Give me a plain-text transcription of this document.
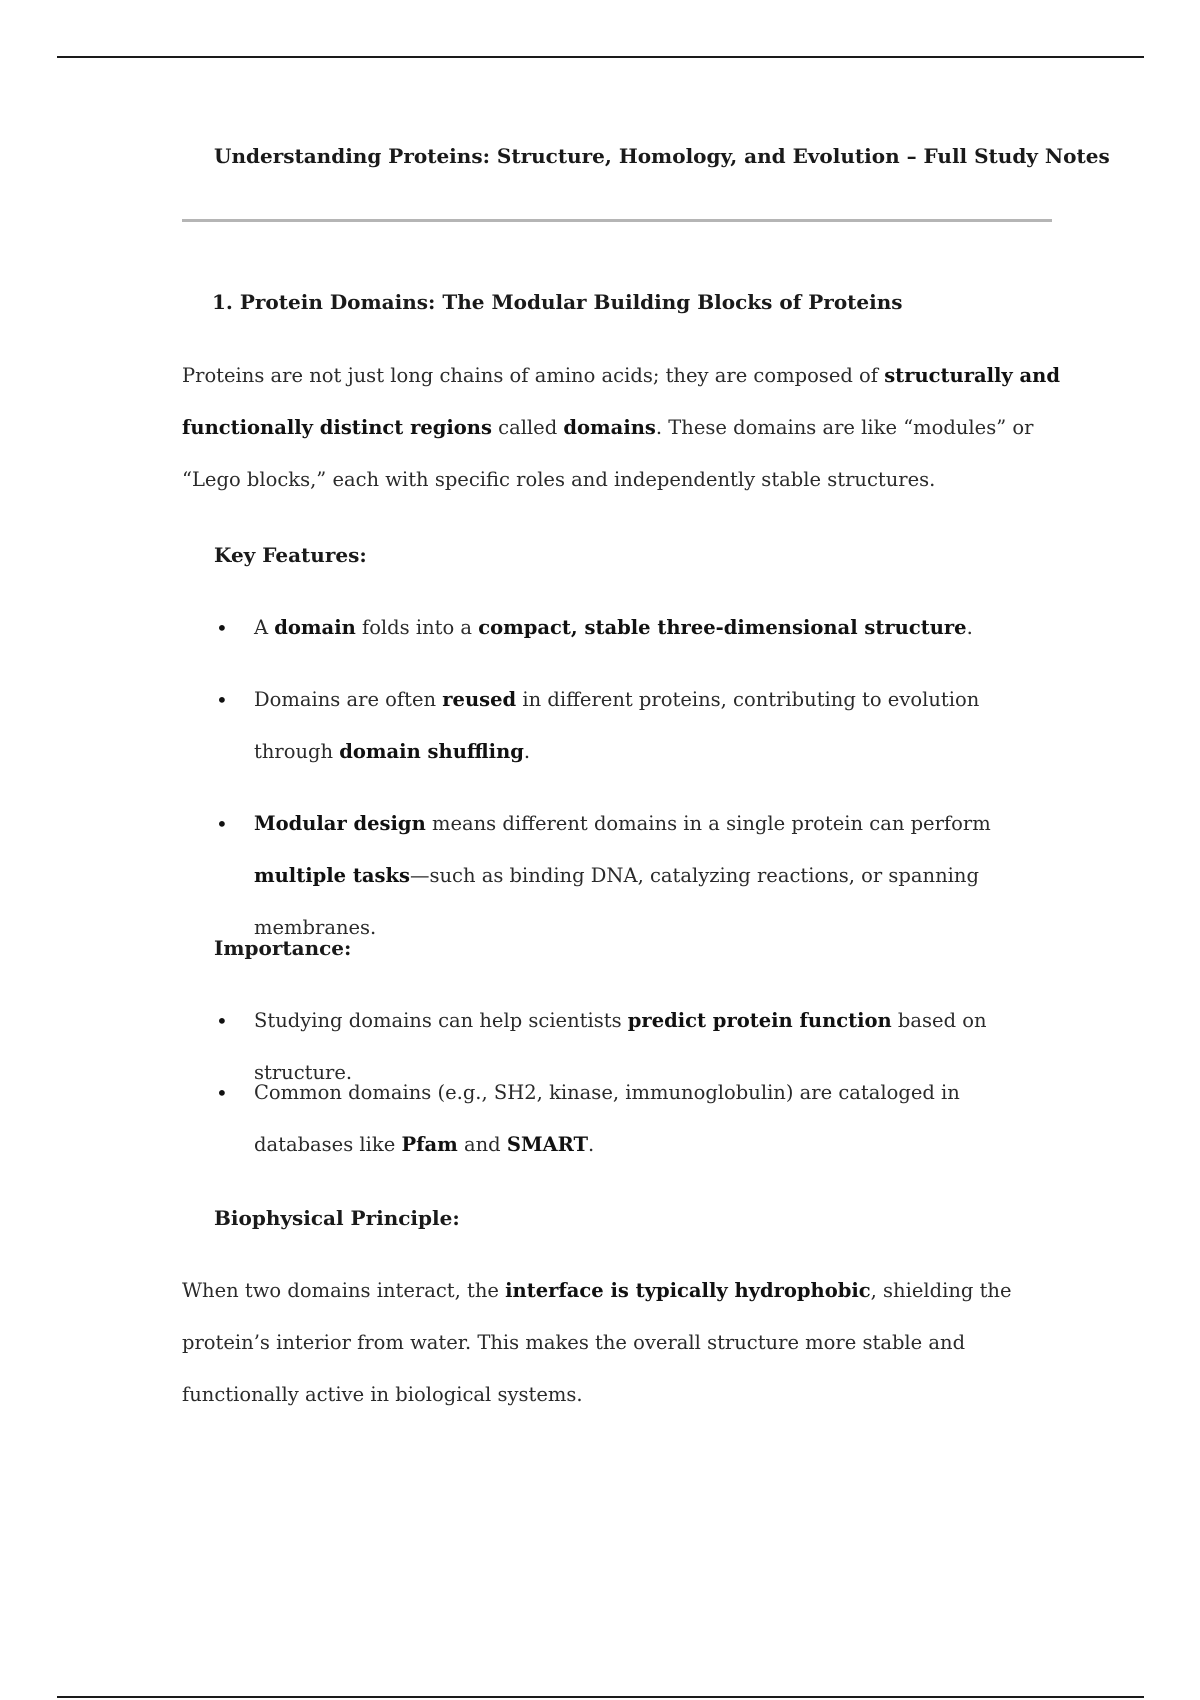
Understanding Proteins: Structure, Homology, and Evolution – Full Study Notes
1. Protein Domains: The Modular Building Blocks of Proteins

Proteins are not just long chains of amino acids; they are composed of structurally and functionally distinct regions called domains. These domains are like “modules” or “Lego blocks,” each with specific roles and independently stable structures.

Key Features:

• A domain folds into a compact, stable three-dimensional structure.

• Domains are often reused in different proteins, contributing to evolution through domain shuffling.

• Modular design means different domains in a single protein can perform multiple tasks—such as binding DNA, catalyzing reactions, or spanning membranes.

Importance:

• Studying domains can help scientists predict protein function based on structure.

• Common domains (e.g., SH2, kinase, immunoglobulin) are cataloged in databases like Pfam and SMART.

Biophysical Principle:

When two domains interact, the interface is typically hydrophobic, shielding the protein’s interior from water. This makes the overall structure more stable and functionally active in biological systems.
